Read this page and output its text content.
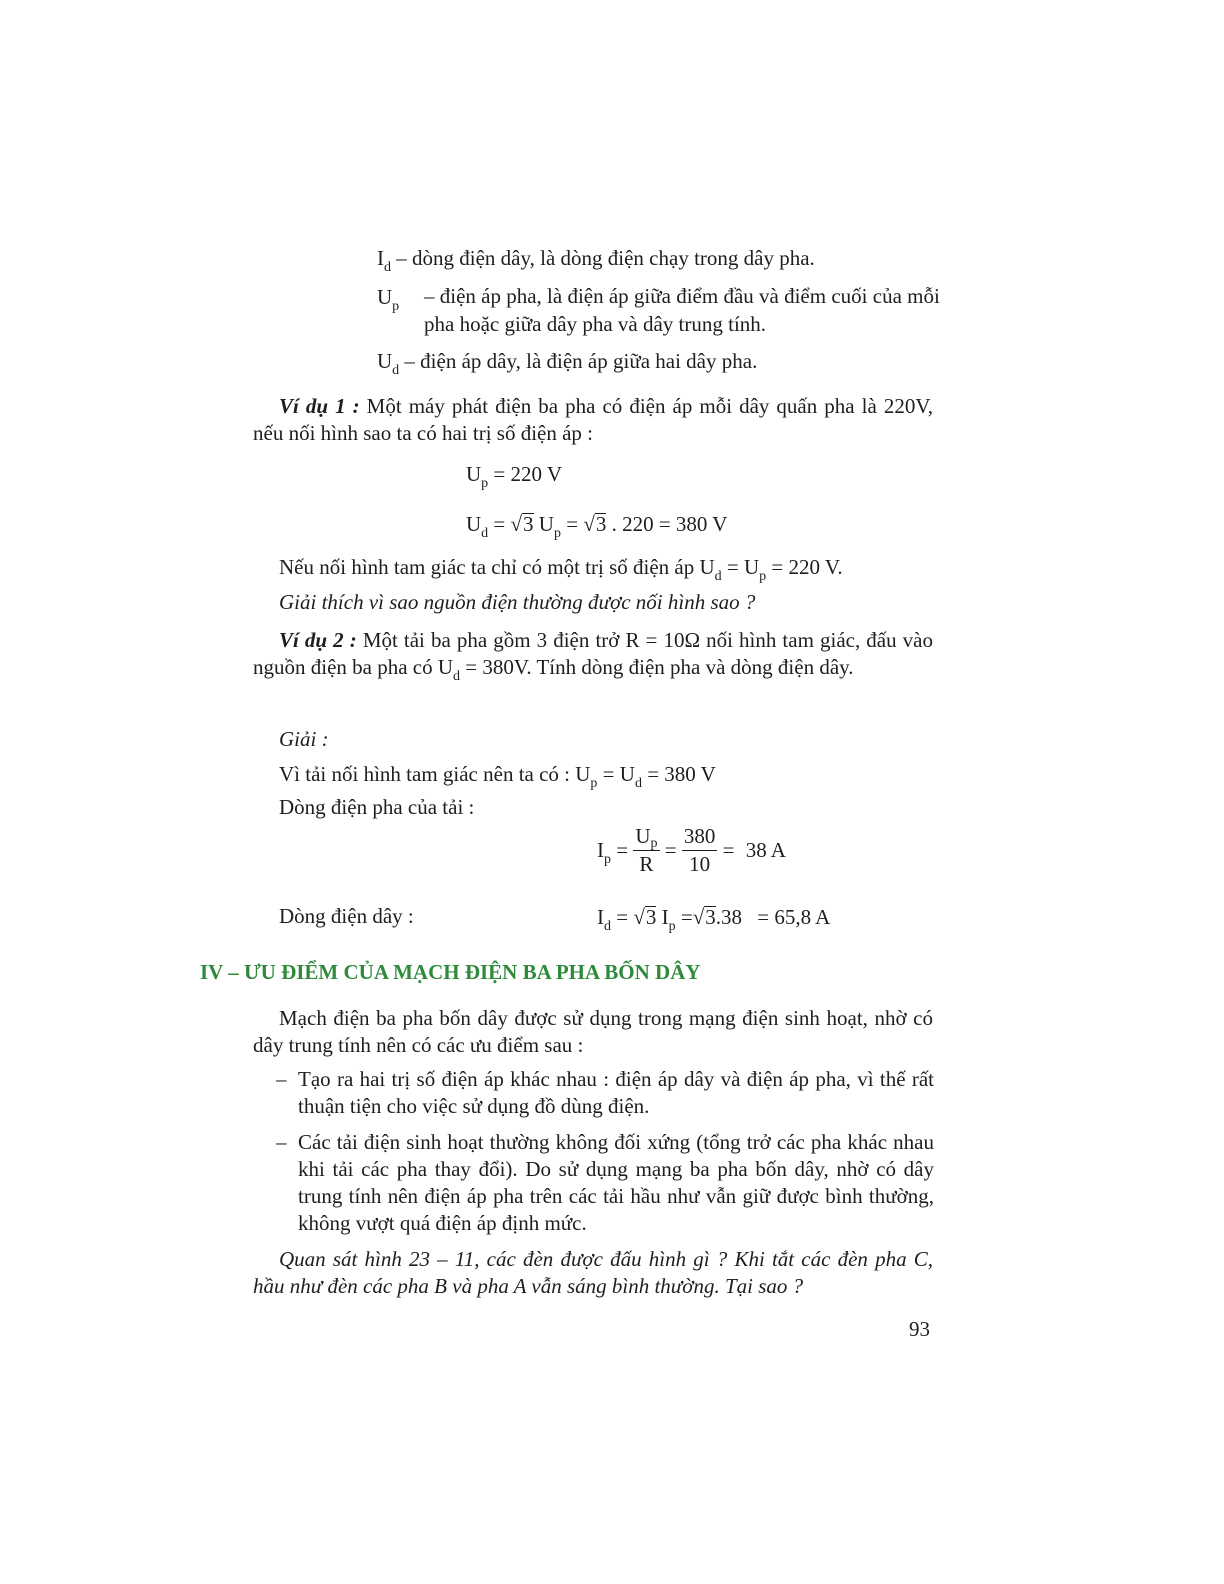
$I_d$ – dòng điện dây, là dòng điện chạy trong dây pha.
$U_p$	– điện áp pha, là điện áp giữa điểm đầu và điểm cuối của mỗi pha hoặc giữa dây pha và dây trung tính.
$U_d$ – điện áp dây, là điện áp giữa hai dây pha.
Ví dụ 1 : Một máy phát điện ba pha có điện áp mỗi dây quấn pha là 220V, nếu nối hình sao ta có hai trị số điện áp :
$U_p = 220$ V
$U_d = √3$ $U_p = √3$ . 220 = 380 V
Nếu nối hình tam giác ta chỉ có một trị số điện áp $U_d = U_p = 220$ V.
Giải thích vì sao nguồn điện thường được nối hình sao ?
Ví dụ 2 : Một tải ba pha gồm 3 điện trở R = 10Ω nối hình tam giác, đấu vào nguồn điện ba pha có $U_d = 380V$. Tính dòng điện pha và dòng điện dây.
Giải :
Vì tải nối hình tam giác nên ta có : $U_p = U_d = 380$ V
Dòng điện pha của tải :
$I_p = \frac{U_p}{R} = \frac{380}{10} = 38$ A
Dòng điện dây :	$I_d = √3$ $I_p =√3.38 = 65,8$ A
IV – ƯU ĐIỂM CỦA MẠCH ĐIỆN BA PHA BỐN DÂY
Mạch điện ba pha bốn dây được sử dụng trong mạng điện sinh hoạt, nhờ có dây trung tính nên có các ưu điểm sau :
– Tạo ra hai trị số điện áp khác nhau : điện áp dây và điện áp pha, vì thế rất thuận tiện cho việc sử dụng đồ dùng điện.
– Các tải điện sinh hoạt thường không đối xứng (tổng trở các pha khác nhau khi tải các pha thay đổi). Do sử dụng mạng ba pha bốn dây, nhờ có dây trung tính nên điện áp pha trên các tải hầu như vẫn giữ được bình thường, không vượt quá điện áp định mức.
Quan sát hình 23 – 11, các đèn được đấu hình gì ? Khi tắt các đèn pha C, hầu như đèn các pha B và pha A vẫn sáng bình thường. Tại sao ?
93
